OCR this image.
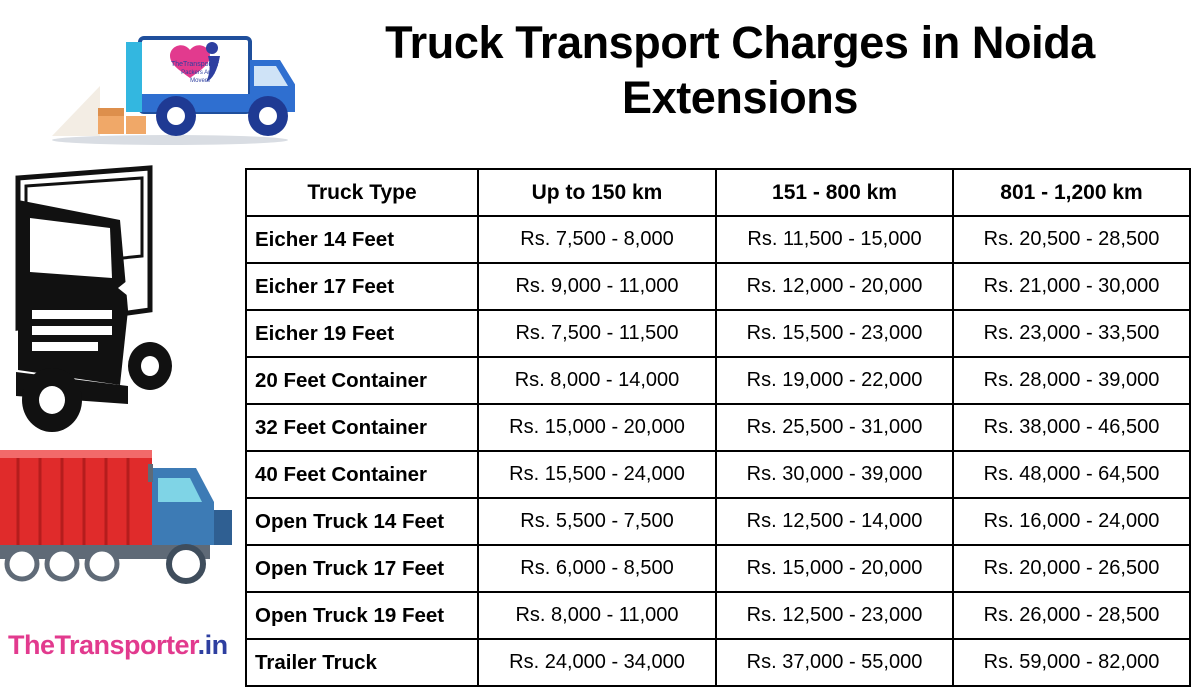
TheTransporter
Packers And
Movers
Truck Transport Charges in Noida Extensions
TheTransporter.in
Truck Type	Up to 150 km	151 - 800 km	801 - 1,200 km
Eicher 14 Feet	Rs. 7,500 - 8,000	Rs. 11,500 - 15,000	Rs. 20,500 - 28,500
Eicher 17 Feet	Rs. 9,000 - 11,000	Rs. 12,000 - 20,000	Rs. 21,000 - 30,000
Eicher 19 Feet	Rs. 7,500 - 11,500	Rs. 15,500 - 23,000	Rs. 23,000 - 33,500
20 Feet Container	Rs. 8,000 - 14,000	Rs. 19,000 - 22,000	Rs. 28,000 - 39,000
32 Feet Container	Rs. 15,000 - 20,000	Rs. 25,500 - 31,000	Rs. 38,000 - 46,500
40 Feet Container	Rs. 15,500 - 24,000	Rs. 30,000 - 39,000	Rs. 48,000 - 64,500
Open Truck 14 Feet	Rs. 5,500 - 7,500	Rs. 12,500 - 14,000	Rs. 16,000 - 24,000
Open Truck 17 Feet	Rs. 6,000 - 8,500	Rs. 15,000 - 20,000	Rs. 20,000 - 26,500
Open Truck 19 Feet	Rs. 8,000 - 11,000	Rs. 12,500 - 23,000	Rs. 26,000 - 28,500
Trailer Truck	Rs. 24,000 - 34,000	Rs. 37,000 - 55,000	Rs. 59,000 - 82,000
